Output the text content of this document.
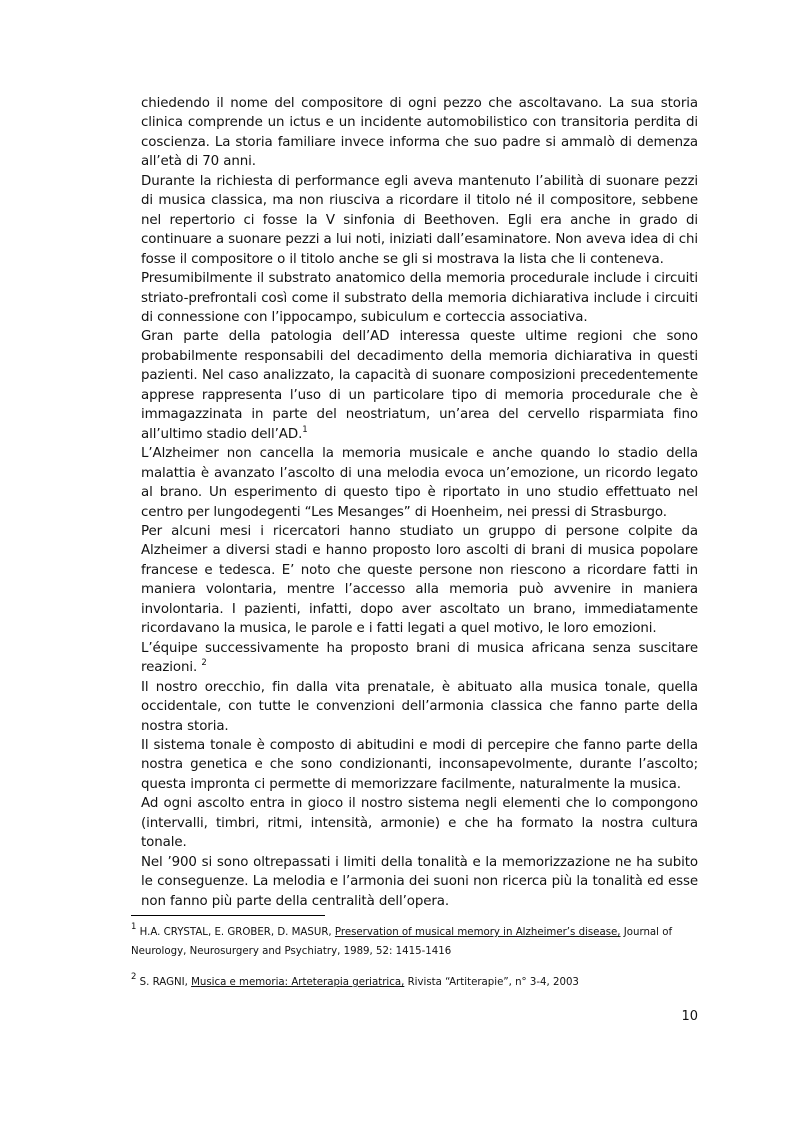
chiedendo il nome del compositore di ogni pezzo che ascoltavano. La sua storia clinica comprende un ictus e un incidente automobilistico con transitoria perdita di coscienza. La storia familiare invece informa che suo padre si ammalò di demenza all’età di 70 anni.

Durante la richiesta di performance egli aveva mantenuto l’abilità di suonare pezzi di musica classica, ma non riusciva a ricordare il titolo né il compositore, sebbene nel repertorio ci fosse la V sinfonia di Beethoven. Egli era anche in grado di continuare a suonare pezzi a lui noti, iniziati dall’esaminatore. Non aveva idea di chi fosse il compositore o il titolo anche se gli si mostrava la lista che li conteneva.

Presumibilmente il substrato anatomico della memoria procedurale include i circuiti striato-prefrontali così come il substrato della memoria dichiarativa include i circuiti di connessione con l’ippocampo, subiculum e corteccia associativa.

Gran parte della patologia dell’AD interessa queste ultime regioni che sono probabilmente responsabili del decadimento della memoria dichiarativa in questi pazienti. Nel caso analizzato, la capacità di suonare composizioni precedentemente apprese rappresenta l’uso di un particolare tipo di memoria procedurale che è immagazzinata in parte del neostriatum, un’area del cervello risparmiata fino all’ultimo stadio dell’AD.$^1$

L’Alzheimer non cancella la memoria musicale e anche quando lo stadio della malattia è avanzato l’ascolto di una melodia evoca un’emozione, un ricordo legato al brano. Un esperimento di questo tipo è riportato in uno studio effettuato nel centro per lungodegenti “Les Mesanges” di Hoenheim, nei pressi di Strasburgo.

Per alcuni mesi i ricercatori hanno studiato un gruppo di persone colpite da Alzheimer a diversi stadi e hanno proposto loro ascolti di brani di musica popolare francese e tedesca. E’ noto che queste persone non riescono a ricordare fatti in maniera volontaria, mentre l’accesso alla memoria può avvenire in maniera involontaria. I pazienti, infatti, dopo aver ascoltato un brano, immediatamente ricordavano la musica, le parole e i fatti legati a quel motivo, le loro emozioni.

L’équipe successivamente ha proposto brani di musica africana senza suscitare reazioni. $^2$

Il nostro orecchio, fin dalla vita prenatale, è abituato alla musica tonale, quella occidentale, con tutte le convenzioni dell’armonia classica che fanno parte della nostra storia.

Il sistema tonale è composto di abitudini e modi di percepire che fanno parte della nostra genetica e che sono condizionanti, inconsapevolmente, durante l’ascolto; questa impronta ci permette di memorizzare facilmente, naturalmente la musica.

Ad ogni ascolto entra in gioco il nostro sistema negli elementi che lo compongono (intervalli, timbri, ritmi, intensità, armonie) e che ha formato la nostra cultura tonale.

Nel ’900 si sono oltrepassati i limiti della tonalità e la memorizzazione ne ha subito le conseguenze. La melodia e l’armonia dei suoni non ricerca più la tonalità ed esse non fanno più parte della centralità dell’opera.

$^1$ H.A. CRYSTAL, E. GROBER, D. MASUR, Preservation of musical memory in Alzheimer’s disease, Journal of Neurology, Neurosurgery and Psychiatry, 1989, 52: 1415-1416
$^2$ S. RAGNI, Musica e memoria: Arteterapia geriatrica, Rivista “Artiterapie”, n° 3-4, 2003
10
